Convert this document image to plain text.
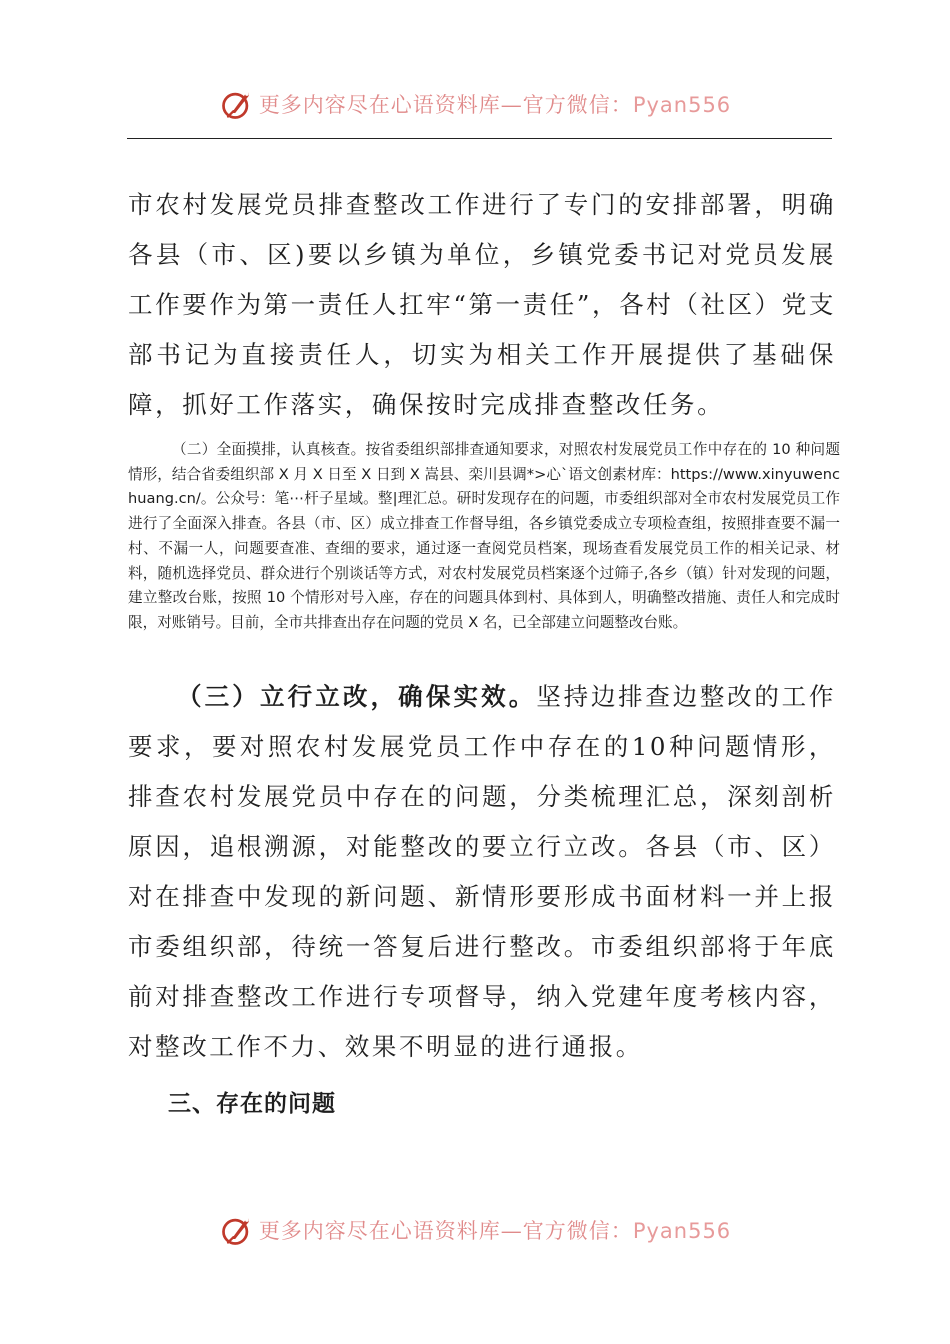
更多内容尽在心语资料库—官方微信：Pyan556
市农村发展党员排查整改工作进行了专门的安排部署，明确各县（市、区)要以乡镇为单位，乡镇党委书记对党员发展工作要作为第一责任人扛牢“第一责任”，各村（社区）党支部书记为直接责任人，切实为相关工作开展提供了基础保障，抓好工作落实，确保按时完成排查整改任务。
（二）全面摸排，认真核查。按省委组织部排查通知要求，对照农村发展党员工作中存在的 10 种问题情形，结合省委组织部 X 月 X 日至 X 日到 X 嵩县、栾川县调*>心`语文创素材库：https://www.xinyuwenchuang.cn/。公众号：笔⋯杆子星域。整|理汇总。研时发现存在的问题，市委组织部对全市农村发展党员工作进行了全面深入排查。各县（市、区）成立排查工作督导组，各乡镇党委成立专项检查组，按照排查要不漏一村、不漏一人，问题要查准、查细的要求，通过逐一查阅党员档案，现场查看发展党员工作的相关记录、材料，随机选择党员、群众进行个别谈话等方式，对农村发展党员档案逐个过筛子,各乡（镇）针对发现的问题，建立整改台账，按照 10 个情形对号入座，存在的问题具体到村、具体到人，明确整改措施、责任人和完成时限，对账销号。目前，全市共排查出存在问题的党员 X 名，已全部建立问题整改台账。
（三）立行立改，确保实效。坚持边排查边整改的工作要求，要对照农村发展党员工作中存在的10种问题情形，排查农村发展党员中存在的问题，分类梳理汇总，深刻剖析原因，追根溯源，对能整改的要立行立改。各县（市、区）对在排查中发现的新问题、新情形要形成书面材料一并上报市委组织部，待统一答复后进行整改。市委组织部将于年底前对排查整改工作进行专项督导，纳入党建年度考核内容，对整改工作不力、效果不明显的进行通报。
三、存在的问题
更多内容尽在心语资料库—官方微信：Pyan556
